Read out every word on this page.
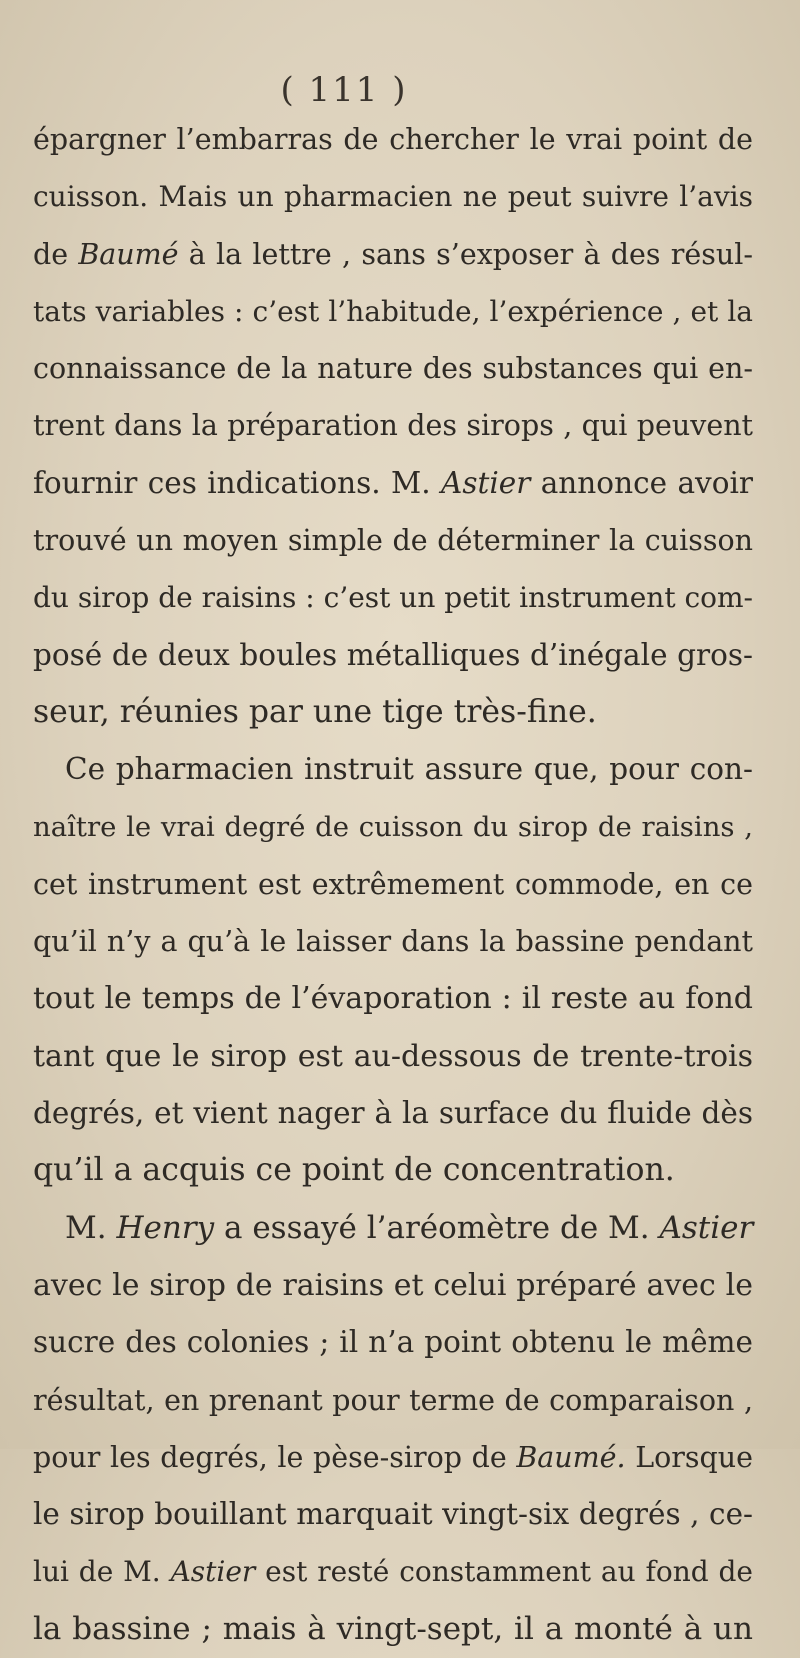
( 111 )
épargner l’embarras de chercher le vrai point de
cuisson. Mais un pharmacien ne peut suivre l’avis
de Baumé à la lettre , sans s’exposer à des résul-
tats variables : c’est l’habitude, l’expérience , et la
connaissance de la nature des substances qui en-
trent dans la préparation des sirops , qui peuvent
fournir ces indications. M. Astier annonce avoir
trouvé un moyen simple de déterminer la cuisson
du sirop de raisins : c’est un petit instrument com-
posé de deux boules métalliques d’inégale gros-
seur, réunies par une tige très-fine.
Ce pharmacien instruit assure que, pour con-
naître le vrai degré de cuisson du sirop de raisins ,
cet instrument est extrêmement commode, en ce
qu’il n’y a qu’à le laisser dans la bassine pendant
tout le temps de l’évaporation : il reste au fond
tant que le sirop est au-dessous de trente-trois
degrés, et vient nager à la surface du fluide dès
qu’il a acquis ce point de concentration.
M. Henry a essayé l’aréomètre de M. Astier
avec le sirop de raisins et celui préparé avec le
sucre des colonies ; il n’a point obtenu le même
résultat, en prenant pour terme de comparaison ,
pour les degrés, le pèse-sirop de Baumé. Lorsque
le sirop bouillant marquait vingt-six degrés , ce-
lui de M. Astier est resté constamment au fond de
la bassine ; mais à vingt-sept, il a monté à un
